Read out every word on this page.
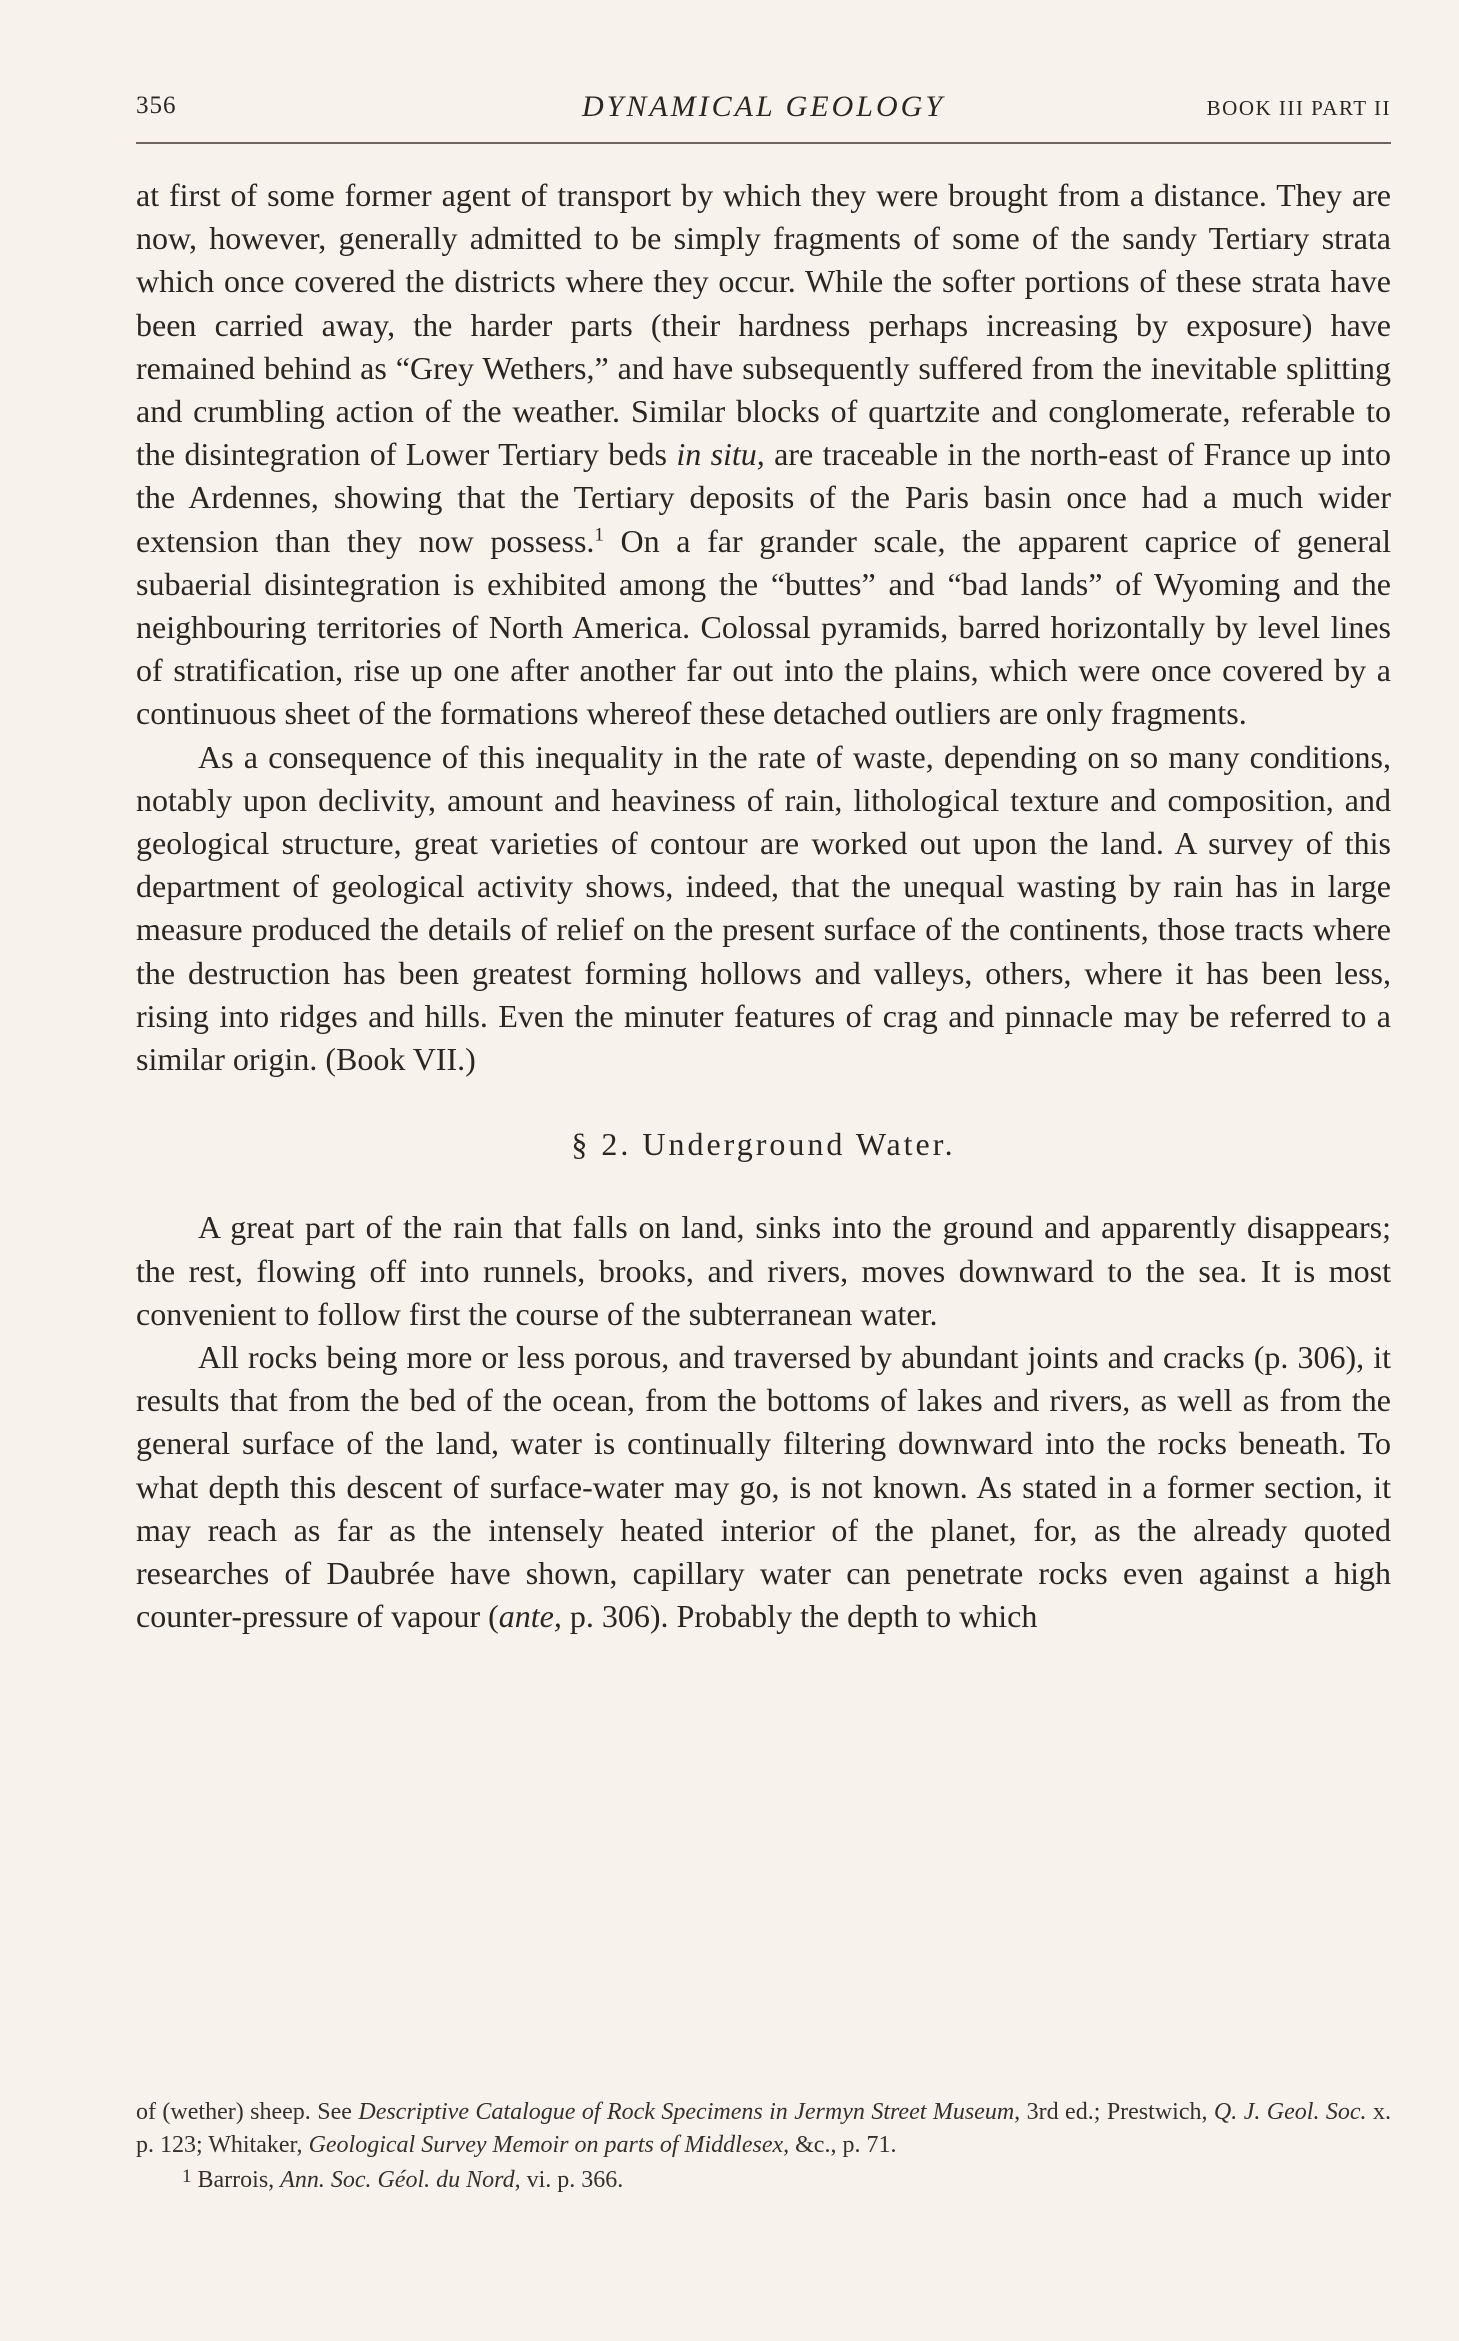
356	DYNAMICAL GEOLOGY	BOOK III PART II

at first of some former agent of transport by which they were brought from a distance. They are now, however, generally admitted to be simply fragments of some of the sandy Tertiary strata which once covered the districts where they occur. While the softer portions of these strata have been carried away, the harder parts (their hardness perhaps increasing by exposure) have remained behind as “Grey Wethers,” and have subsequently suffered from the inevitable splitting and crumbling action of the weather. Similar blocks of quartzite and conglomerate, referable to the disintegration of Lower Tertiary beds in situ, are traceable in the north-east of France up into the Ardennes, showing that the Tertiary deposits of the Paris basin once had a much wider extension than they now possess.$^1$ On a far grander scale, the apparent caprice of general subaerial disintegration is exhibited among the “buttes” and “bad lands” of Wyoming and the neighbouring territories of North America. Colossal pyramids, barred horizontally by level lines of stratification, rise up one after another far out into the plains, which were once covered by a continuous sheet of the formations whereof these detached outliers are only fragments.

As a consequence of this inequality in the rate of waste, depending on so many conditions, notably upon declivity, amount and heaviness of rain, lithological texture and composition, and geological structure, great varieties of contour are worked out upon the land. A survey of this department of geological activity shows, indeed, that the unequal wasting by rain has in large measure produced the details of relief on the present surface of the continents, those tracts where the destruction has been greatest forming hollows and valleys, others, where it has been less, rising into ridges and hills. Even the minuter features of crag and pinnacle may be referred to a similar origin. (Book VII.)

§ 2. Underground Water.

A great part of the rain that falls on land, sinks into the ground and apparently disappears; the rest, flowing off into runnels, brooks, and rivers, moves downward to the sea. It is most convenient to follow first the course of the subterranean water.

All rocks being more or less porous, and traversed by abundant joints and cracks (p. 306), it results that from the bed of the ocean, from the bottoms of lakes and rivers, as well as from the general surface of the land, water is continually filtering downward into the rocks beneath. To what depth this descent of surface-water may go, is not known. As stated in a former section, it may reach as far as the intensely heated interior of the planet, for, as the already quoted researches of Daubrée have shown, capillary water can penetrate rocks even against a high counter-pressure of vapour (ante, p. 306). Probably the depth to which

of (wether) sheep. See Descriptive Catalogue of Rock Specimens in Jermyn Street Museum, 3rd ed.; Prestwich, Q. J. Geol. Soc. x. p. 123; Whitaker, Geological Survey Memoir on parts of Middlesex, &c., p. 71.

$^1$ Barrois, Ann. Soc. Géol. du Nord, vi. p. 366.
